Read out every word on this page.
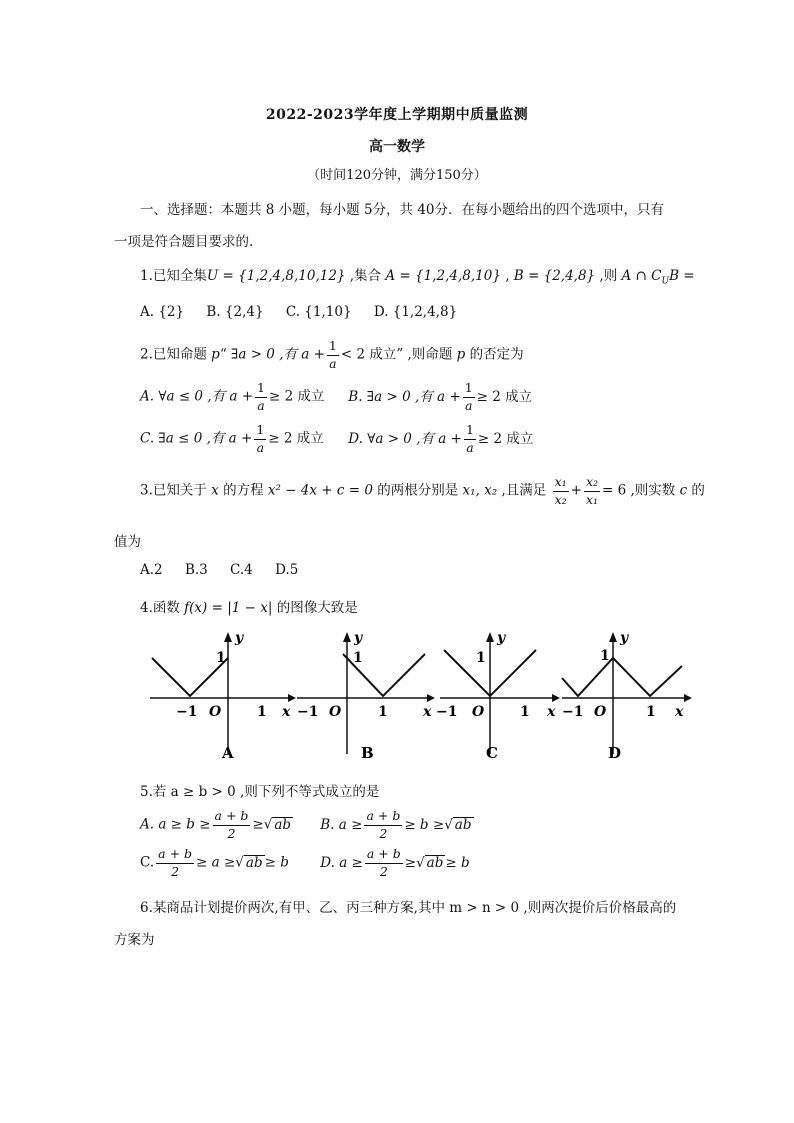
2022-2023学年度上学期期中质量监测
高一数学
（时间120分钟，满分150分）
一、选择题：本题共 8 小题，每小题 5分，共 40分．在每小题给出的四个选项中，只有
一项是符合题目要求的.
1.已知全集U = {1,2,4,8,10,12} ,集合 A = {1,2,4,8,10} , B = {2,4,8} ,则 A ∩ $C_UB$ =
A. {2} B. {2,4} C. {1,10} D. {1,2,4,8}
2.已知命题 p“ ∃a > 0 ,有 $a + \frac{1}{a} < 2$ 成立” ,则命题 p 的否定为
A. ∀a ≤ 0 ,有 $a + \frac{1}{a} \ge 2$ 成立 B. ∃a > 0 ,有 $a + \frac{1}{a} \ge 2$ 成立
C. ∃a ≤ 0 ,有 $a + \frac{1}{a} \ge 2$ 成立 D. ∀a > 0 ,有 $a + \frac{1}{a} \ge 2$ 成立
3.已知关于 x 的方程 x² − 4x + c = 0 的两根分别是 x₁, x₂ ,且满足 $\frac{\text{x₁}}{\text{x₂}} + \frac{\text{x₂}}{\text{x₁}} = 6$ ,则实数 c 的
值为
A.2 B.3 C.4 D.5
4.函数 f(x) = |1 − x| 的图像大致是
y
1
−1 O	1 x
A
y
1
−1 O	1	x
B
y
1
−1 O	1 x
C
y
1
−1 O	1 x
D
5.若 a ≥ b > 0 ,则下列不等式成立的是
A. $a \ge b \ge \frac{a + b}{2}$ ≥√ ab B. $a \ge \frac{a + b}{2} \ge b$ ≥√ ab
C. $\frac{a + b}{2} \ge a$ ≥√ ab ≥ b D. $a \ge \frac{a + b}{2}$ ≥√ ab ≥ b
6.某商品计划提价两次,有甲、乙、丙三种方案,其中 m > n > 0 ,则两次提价后价格最高的
方案为
